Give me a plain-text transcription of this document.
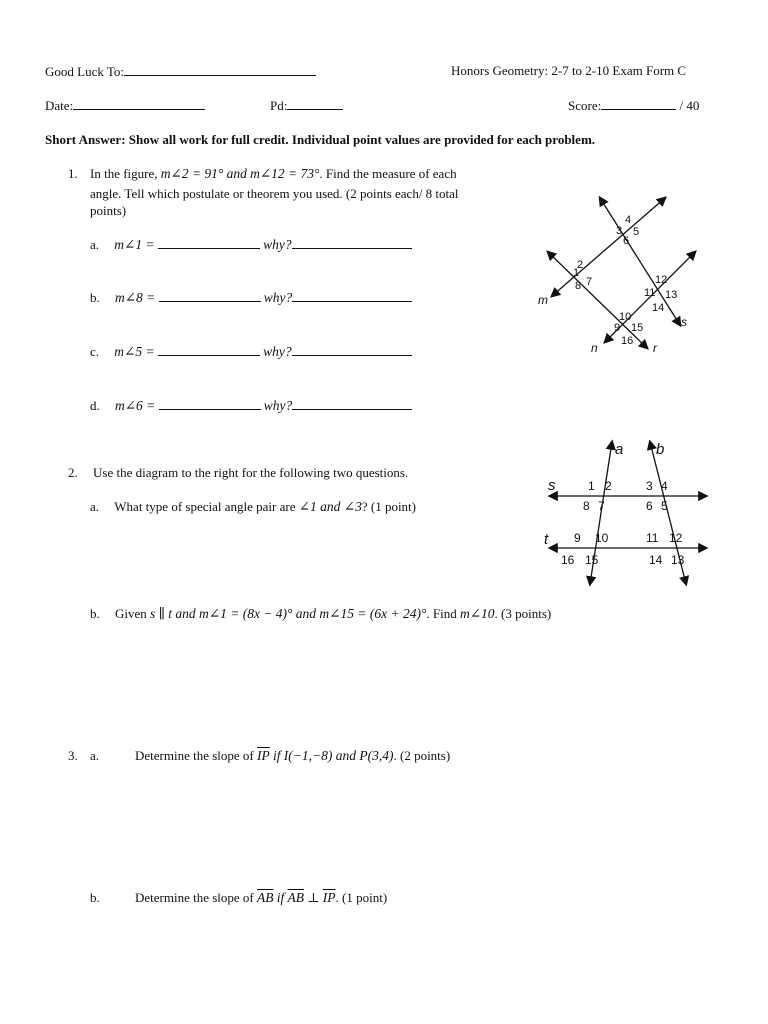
Good Luck To:	Honors Geometry: 2-7 to 2-10 Exam Form C
Date:	Pd:	Score:	/ 40
Short Answer: Show all work for full credit. Individual point values are provided for each problem.
1. In the figure, m∠2 = 91° and m∠12 = 73°. Find the measure of each
angle. Tell which postulate or theorem you used. (2 points each/ 8 total
points)
a. m∠1 =	why?
b. m∠8 =	why?
c. m∠5 =	why?
d. m∠6 =	why?
1
2
3
4
5
6
7
8
9
10
11
12
13
14
15
16
m
n	r
s
2. Use the diagram to the right for the following two questions.
a. What type of special angle pair are ∠1 and ∠3? (1 point)
1 2	3 4
8 7	6 5
9 10	11 12
16 15	14 13
a b
s
t
b. Given s ∥ t and m∠1 = (8x − 4)° and m∠15 = (6x + 24)°. Find m∠10. (3 points)
3. a.	Determine the slope of $\overline{IP}$ if I(−1,−8) and P(3,4). (2 points)
b.	Determine the slope of $\overline{AB}$ if $\overline{AB}$ ⊥ $\overline{IP}$. (1 point)
